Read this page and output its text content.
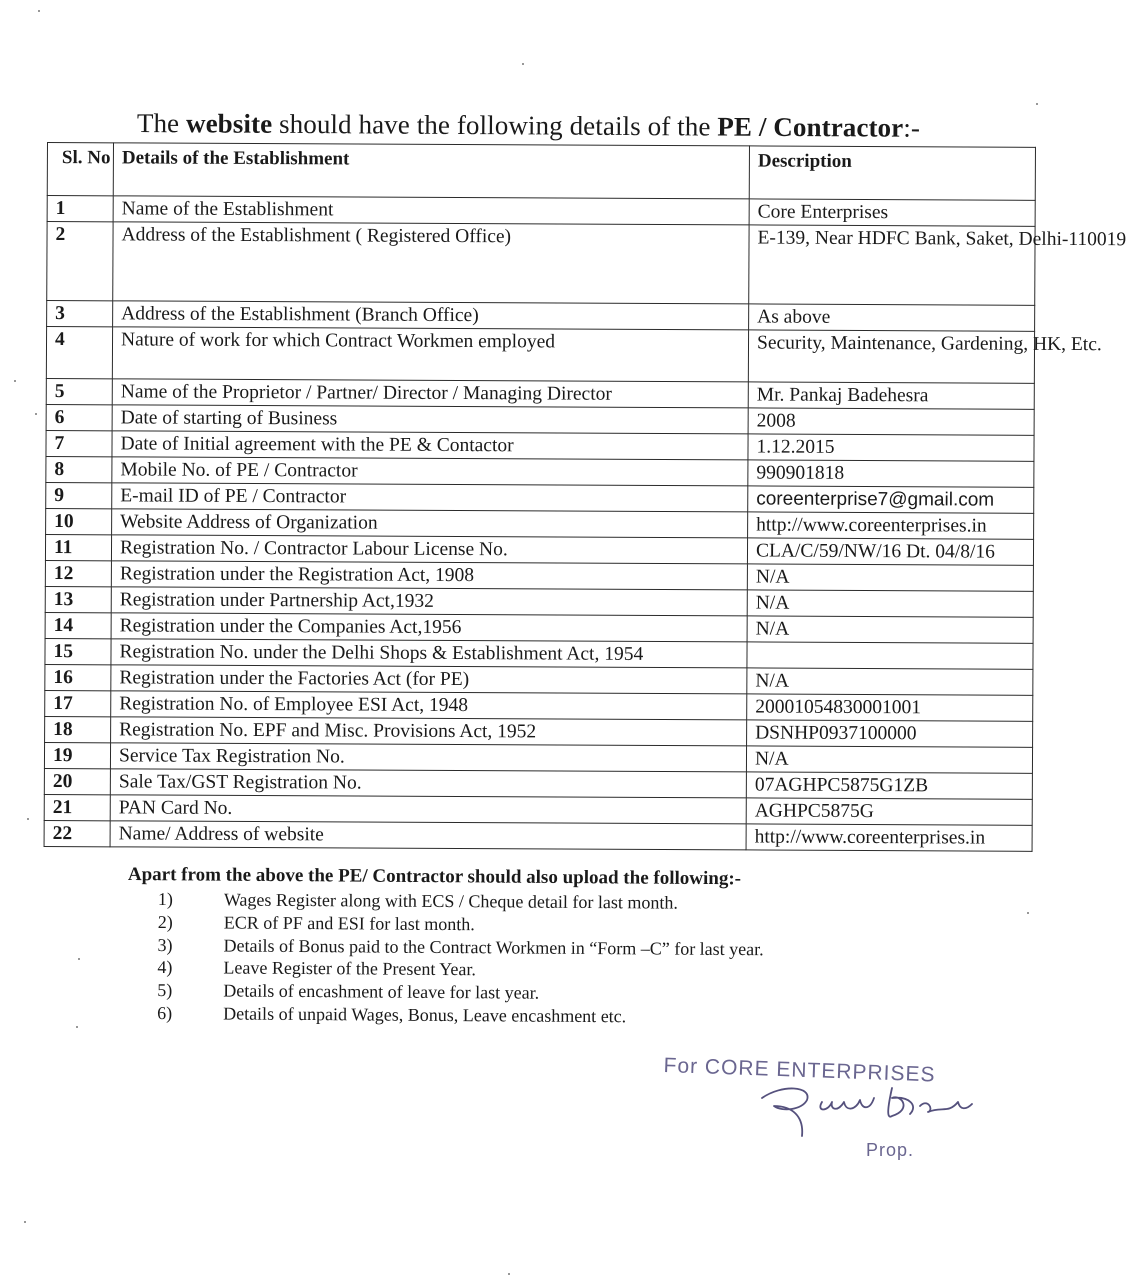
The website should have the following details of the PE / Contractor:-
Sl. No	Details of the Establishment	Description
1	Name of the Establishment	Core Enterprises
2	Address of the Establishment ( Registered Office)	E-139, Near HDFC Bank, Saket, Delhi-110019
3	Address of the Establishment (Branch Office)	As above
4	Nature of work for which Contract Workmen employed	Security, Maintenance, Gardening, HK, Etc.
5	Name of the Proprietor / Partner/ Director / Managing Director	Mr. Pankaj Badehesra
6	Date of starting of Business	2008
7	Date of Initial agreement with the PE & Contactor	1.12.2015
8	Mobile No. of PE / Contractor	990901818
9	E-mail ID of PE / Contractor	coreenterprise7@gmail.com
10	Website Address of Organization	http://www.coreenterprises.in
11	Registration No. / Contractor Labour License No.	CLA/C/59/NW/16 Dt. 04/8/16
12	Registration under the Registration Act, 1908	N/A
13	Registration under Partnership Act,1932	N/A
14	Registration under the Companies Act,1956	N/A
15	Registration No. under the Delhi Shops & Establishment Act, 1954	
16	Registration under the Factories Act (for PE)	N/A
17	Registration No. of Employee ESI Act, 1948	20001054830001001
18	Registration No. EPF and Misc. Provisions Act, 1952	DSNHP0937100000
19	Service Tax Registration No.	N/A
20	Sale Tax/GST Registration No.	07AGHPC5875G1ZB
21	PAN Card No.	AGHPC5875G
22	Name/ Address of website	http://www.coreenterprises.in
Apart from the above the PE/ Contractor should also upload the following:-
1)	Wages Register along with ECS / Cheque detail for last month.
2)	ECR of PF and ESI for last month.
3)	Details of Bonus paid to the Contract Workmen in “Form –C” for last year.
4)	Leave Register of the Present Year.
5)	Details of encashment of leave for last year.
6)	Details of unpaid Wages, Bonus, Leave encashment etc.
For CORE ENTERPRISES
Prop.
